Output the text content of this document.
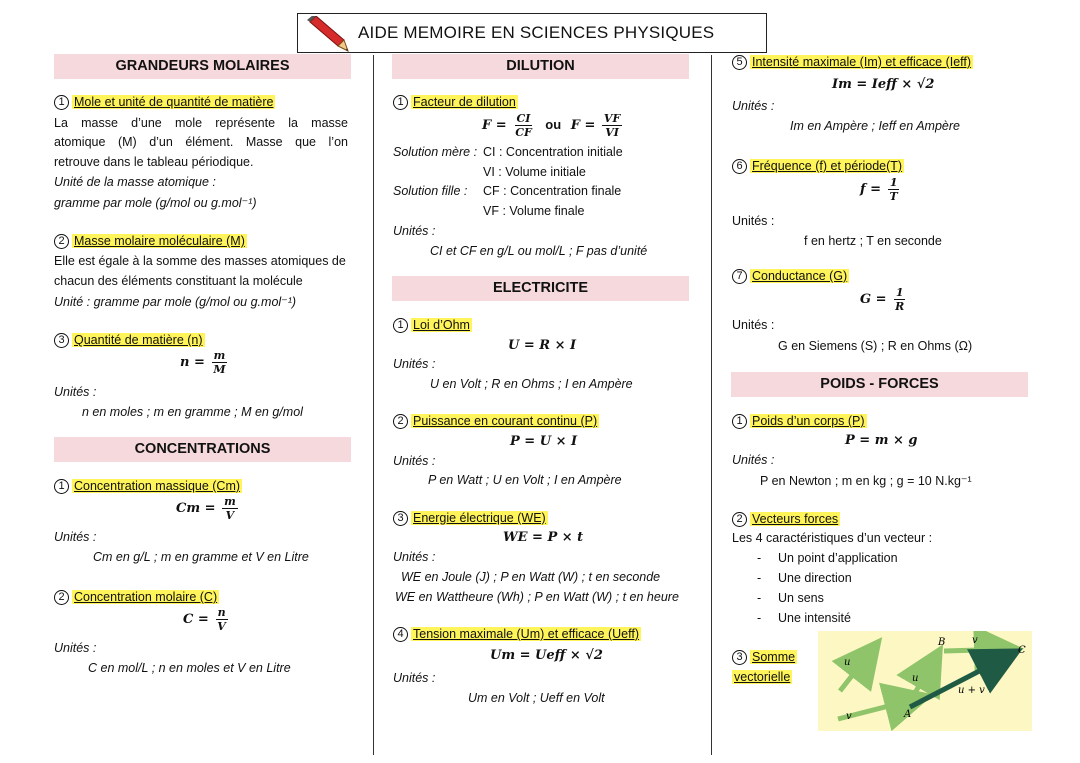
AIDE MEMOIRE EN SCIENCES PHYSIQUES
GRANDEURS MOLAIRES
1 Mole et unité de quantité de matière
La masse d’une mole représente la masse
atomique (M) d’un élément. Masse que l’on
retrouve dans le tableau périodique.
Unité de la masse atomique :
gramme par mole (g/mol ou g.mol⁻¹)
2 Masse molaire moléculaire (M)
Elle est égale à la somme des masses atomiques de
chacun des éléments constituant la molécule
Unité : gramme par mole (g/mol ou g.mol⁻¹)
3 Quantité de matière (n)
$n = \frac{m}{M}$
Unités :
n en moles ; m en gramme ; M en g/mol
CONCENTRATIONS
1 Concentration massique (Cm)
$Cm = \frac{m}{V}$
Unités :
Cm en g/L ; m en gramme et V en Litre
2 Concentration molaire (C)
$C = \frac{n}{V}$
Unités :
C en mol/L ; n en moles et V en Litre
DILUTION
1 Facteur de dilution
$F = \frac{CI}{CF}$ ou $F = \frac{VF}{VI}$
Solution mère : CI : Concentration initiale
VI : Volume initiale
Solution fille : CF : Concentration finale
VF : Volume finale
Unités :
CI et CF en g/L ou mol/L ; F pas d’unité
ELECTRICITE
1 Loi d’Ohm
U = R × I
Unités :
U en Volt ; R en Ohms ; I en Ampère
2 Puissance en courant continu (P)
P = U × I
Unités :
P en Watt ; U en Volt ; I en Ampère
3 Energie électrique (WE)
WE = P × t
Unités :
WE en Joule (J) ; P en Watt (W) ; t en seconde
WE en Wattheure (Wh) ; P en Watt (W) ; t en heure
4 Tension maximale (Um) et efficace (Ueff)
Um = Ueff × √2
Unités :
Um en Volt ; Ueff en Volt
5 Intensité maximale (Im) et efficace (Ieff)
Im = Ieff × √2
Unités :
Im en Ampère ; Ieff en Ampère
6 Fréquence (f) et période(T)
$f = \frac{1}{T}$
Unités :
f en hertz ; T en seconde
7 Conductance (G)
$G = \frac{1}{R}$
Unités :
G en Siemens (S) ; R en Ohms (Ω)
POIDS - FORCES
1 Poids d’un corps (P)
P = m × g
Unités :
P en Newton ; m en kg ; g = 10 N.kg⁻¹
2 Vecteurs forces
Les 4 caractéristiques d’un vecteur :
- Un point d’application
- Une direction
- Un sens
- Une intensité
3 Somme
vectorielle
u
v
u
v
B
C
A
u + v
